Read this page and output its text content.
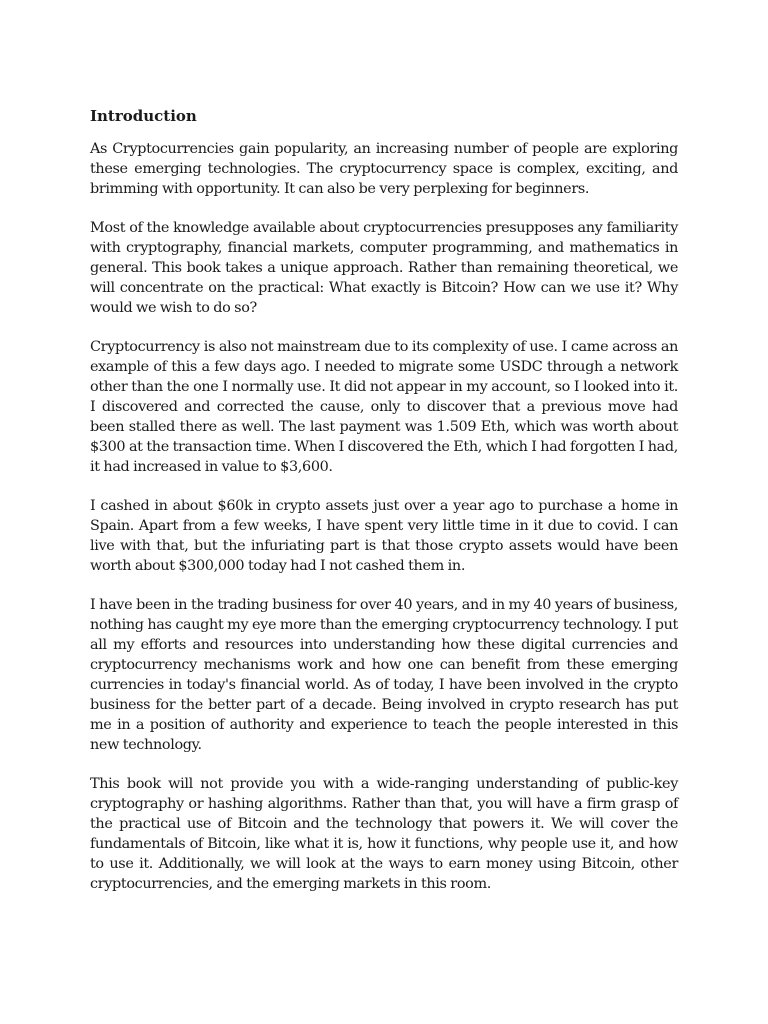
Introduction

As Cryptocurrencies gain popularity, an increasing number of people are exploring these emerging technologies. The cryptocurrency space is complex, exciting, and brimming with opportunity. It can also be very perplexing for beginners.

Most of the knowledge available about cryptocurrencies presupposes any familiarity with cryptography, financial markets, computer programming, and mathematics in general. This book takes a unique approach. Rather than remaining theoretical, we will concentrate on the practical: What exactly is Bitcoin? How can we use it? Why would we wish to do so?

Cryptocurrency is also not mainstream due to its complexity of use. I came across an example of this a few days ago. I needed to migrate some USDC through a network other than the one I normally use. It did not appear in my account, so I looked into it. I discovered and corrected the cause, only to discover that a previous move had been stalled there as well. The last payment was 1.509 Eth, which was worth about $300 at the transaction time. When I discovered the Eth, which I had forgotten I had, it had increased in value to $3,600.

I cashed in about $60k in crypto assets just over a year ago to purchase a home in Spain. Apart from a few weeks, I have spent very little time in it due to covid. I can live with that, but the infuriating part is that those crypto assets would have been worth about $300,000 today had I not cashed them in.

I have been in the trading business for over 40 years, and in my 40 years of business, nothing has caught my eye more than the emerging cryptocurrency technology. I put all my efforts and resources into understanding how these digital currencies and cryptocurrency mechanisms work and how one can benefit from these emerging currencies in today's financial world. As of today, I have been involved in the crypto business for the better part of a decade. Being involved in crypto research has put me in a position of authority and experience to teach the people interested in this new technology.

This book will not provide you with a wide-ranging understanding of public-key cryptography or hashing algorithms. Rather than that, you will have a firm grasp of the practical use of Bitcoin and the technology that powers it. We will cover the fundamentals of Bitcoin, like what it is, how it functions, why people use it, and how to use it. Additionally, we will look at the ways to earn money using Bitcoin, other cryptocurrencies, and the emerging markets in this room.
